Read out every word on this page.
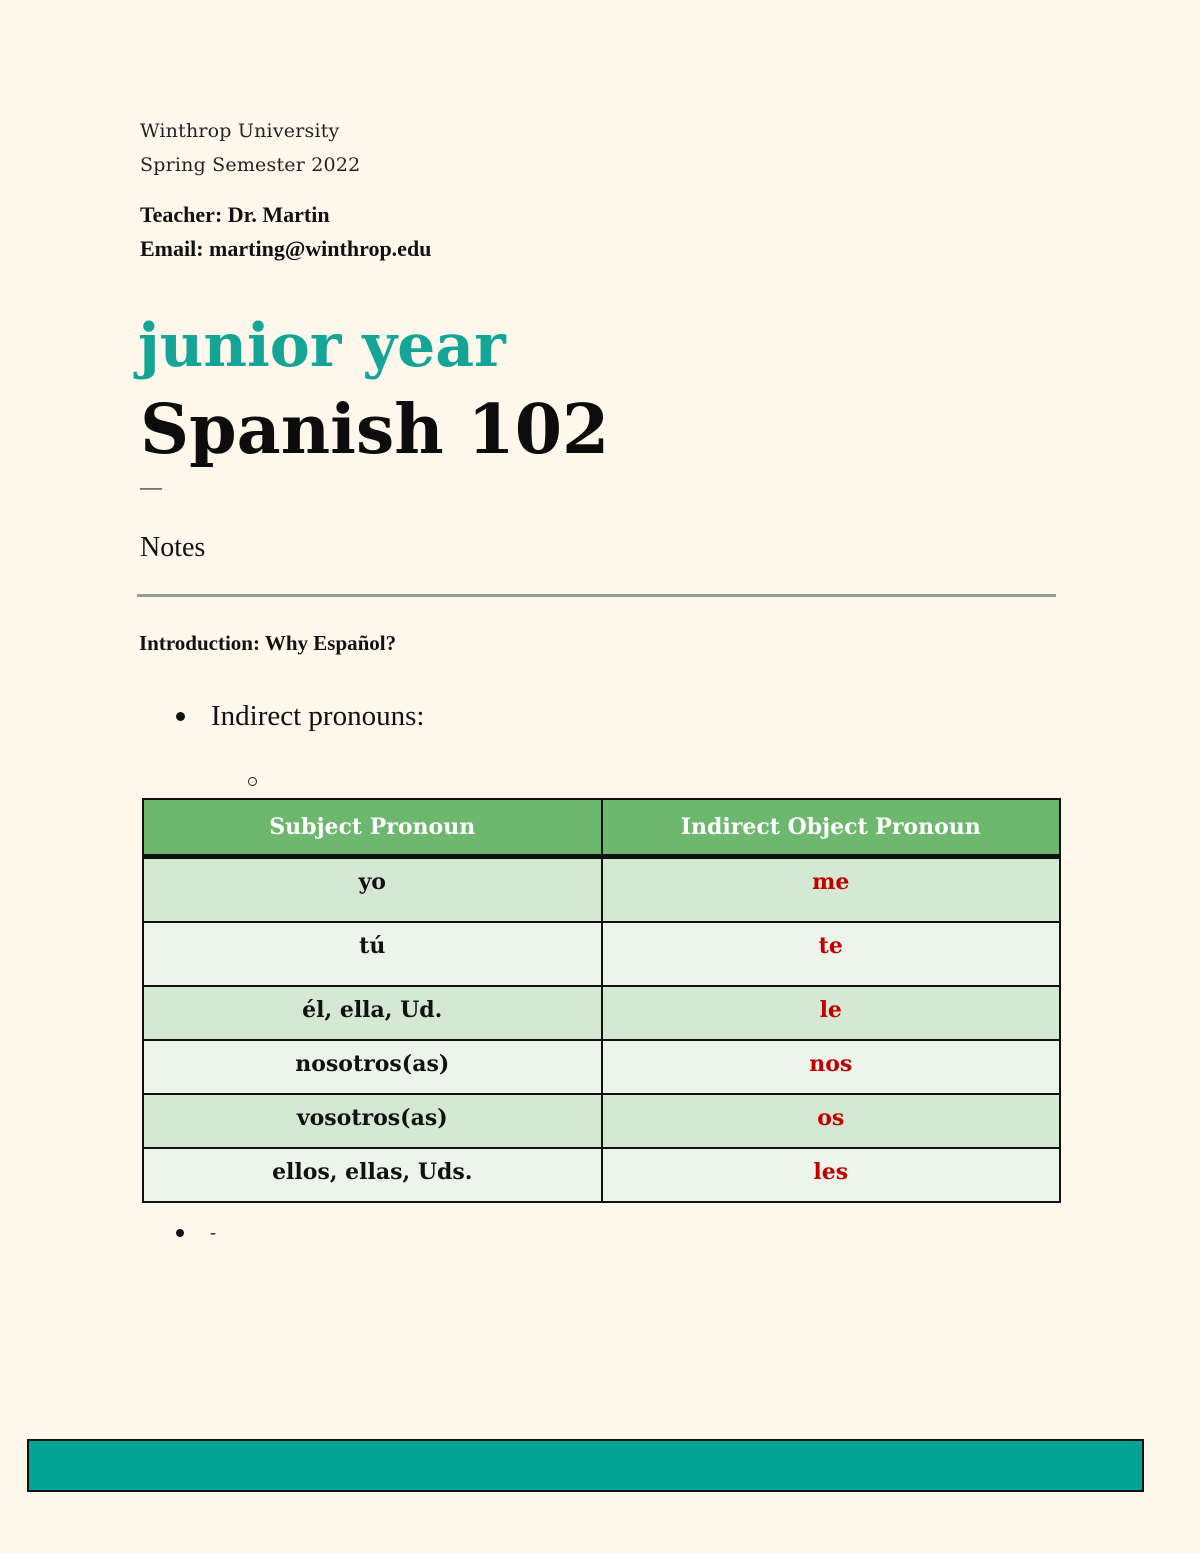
Winthrop University
Spring Semester 2022
Teacher: Dr. Martin
Email: marting@winthrop.edu
junior year
Spanish 102
—
Notes
Introduction: Why Español?
Indirect pronouns:
Subject Pronoun	Indirect Object Pronoun
yo	me
tú	te
él, ella, Ud.	le
nosotros(as)	nos
vosotros(as)	os
ellos, ellas, Uds.	les
-
